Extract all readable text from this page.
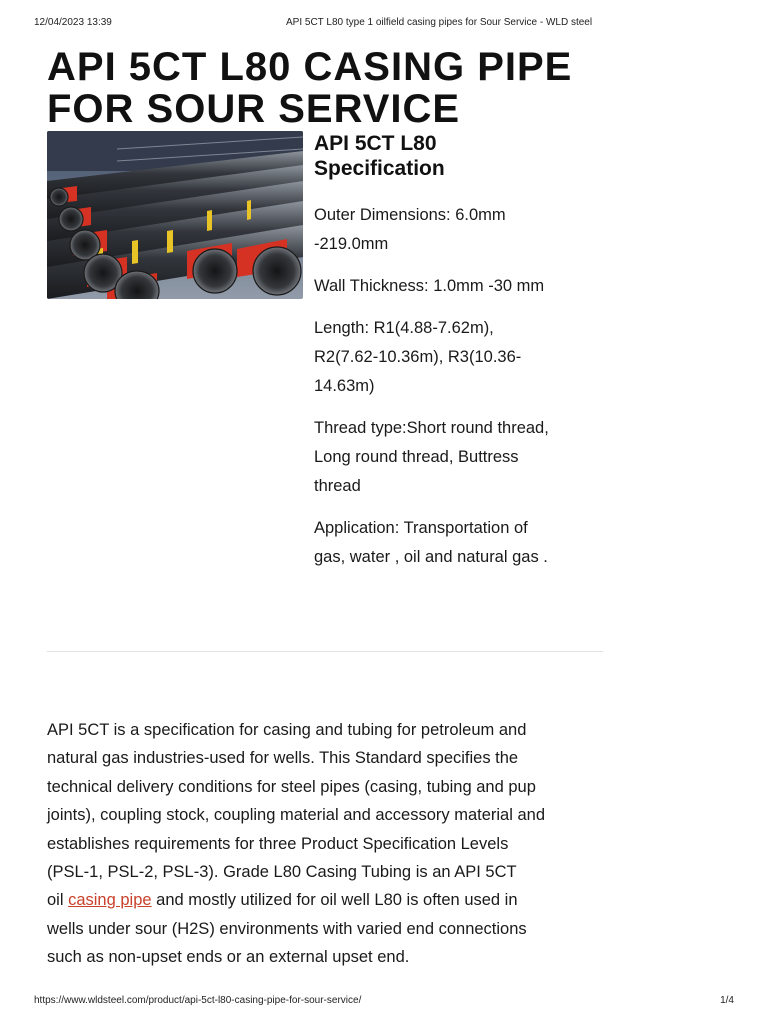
12/04/2023 13:39	API 5CT L80 type 1 oilfield casing pipes for Sour Service - WLD steel
API 5CT L80 CASING PIPE
FOR SOUR SERVICE
API 5CT L80
Specification

Outer Dimensions: 6.0mm
-219.0mm

Wall Thickness: 1.0mm -30 mm

Length: R1(4.88-7.62m),
R2(7.62-10.36m), R3(10.36-
14.63m)

Thread type:Short round thread,
Long round thread, Buttress
thread

Application: Transportation of
gas, water , oil and natural gas .

API 5CT is a specification for casing and tubing for petroleum and
natural gas industries-used for wells. This Standard specifies the
technical delivery conditions for steel pipes (casing, tubing and pup
joints), coupling stock, coupling material and accessory material and
establishes requirements for three Product Specification Levels
(PSL-1, PSL-2, PSL-3). Grade L80 Casing Tubing is an API 5CT
oil casing pipe and mostly utilized for oil well L80 is often used in
wells under sour (H2S) environments with varied end connections
such as non-upset ends or an external upset end.

https://www.wldsteel.com/product/api-5ct-l80-casing-pipe-for-sour-service/	1/4
